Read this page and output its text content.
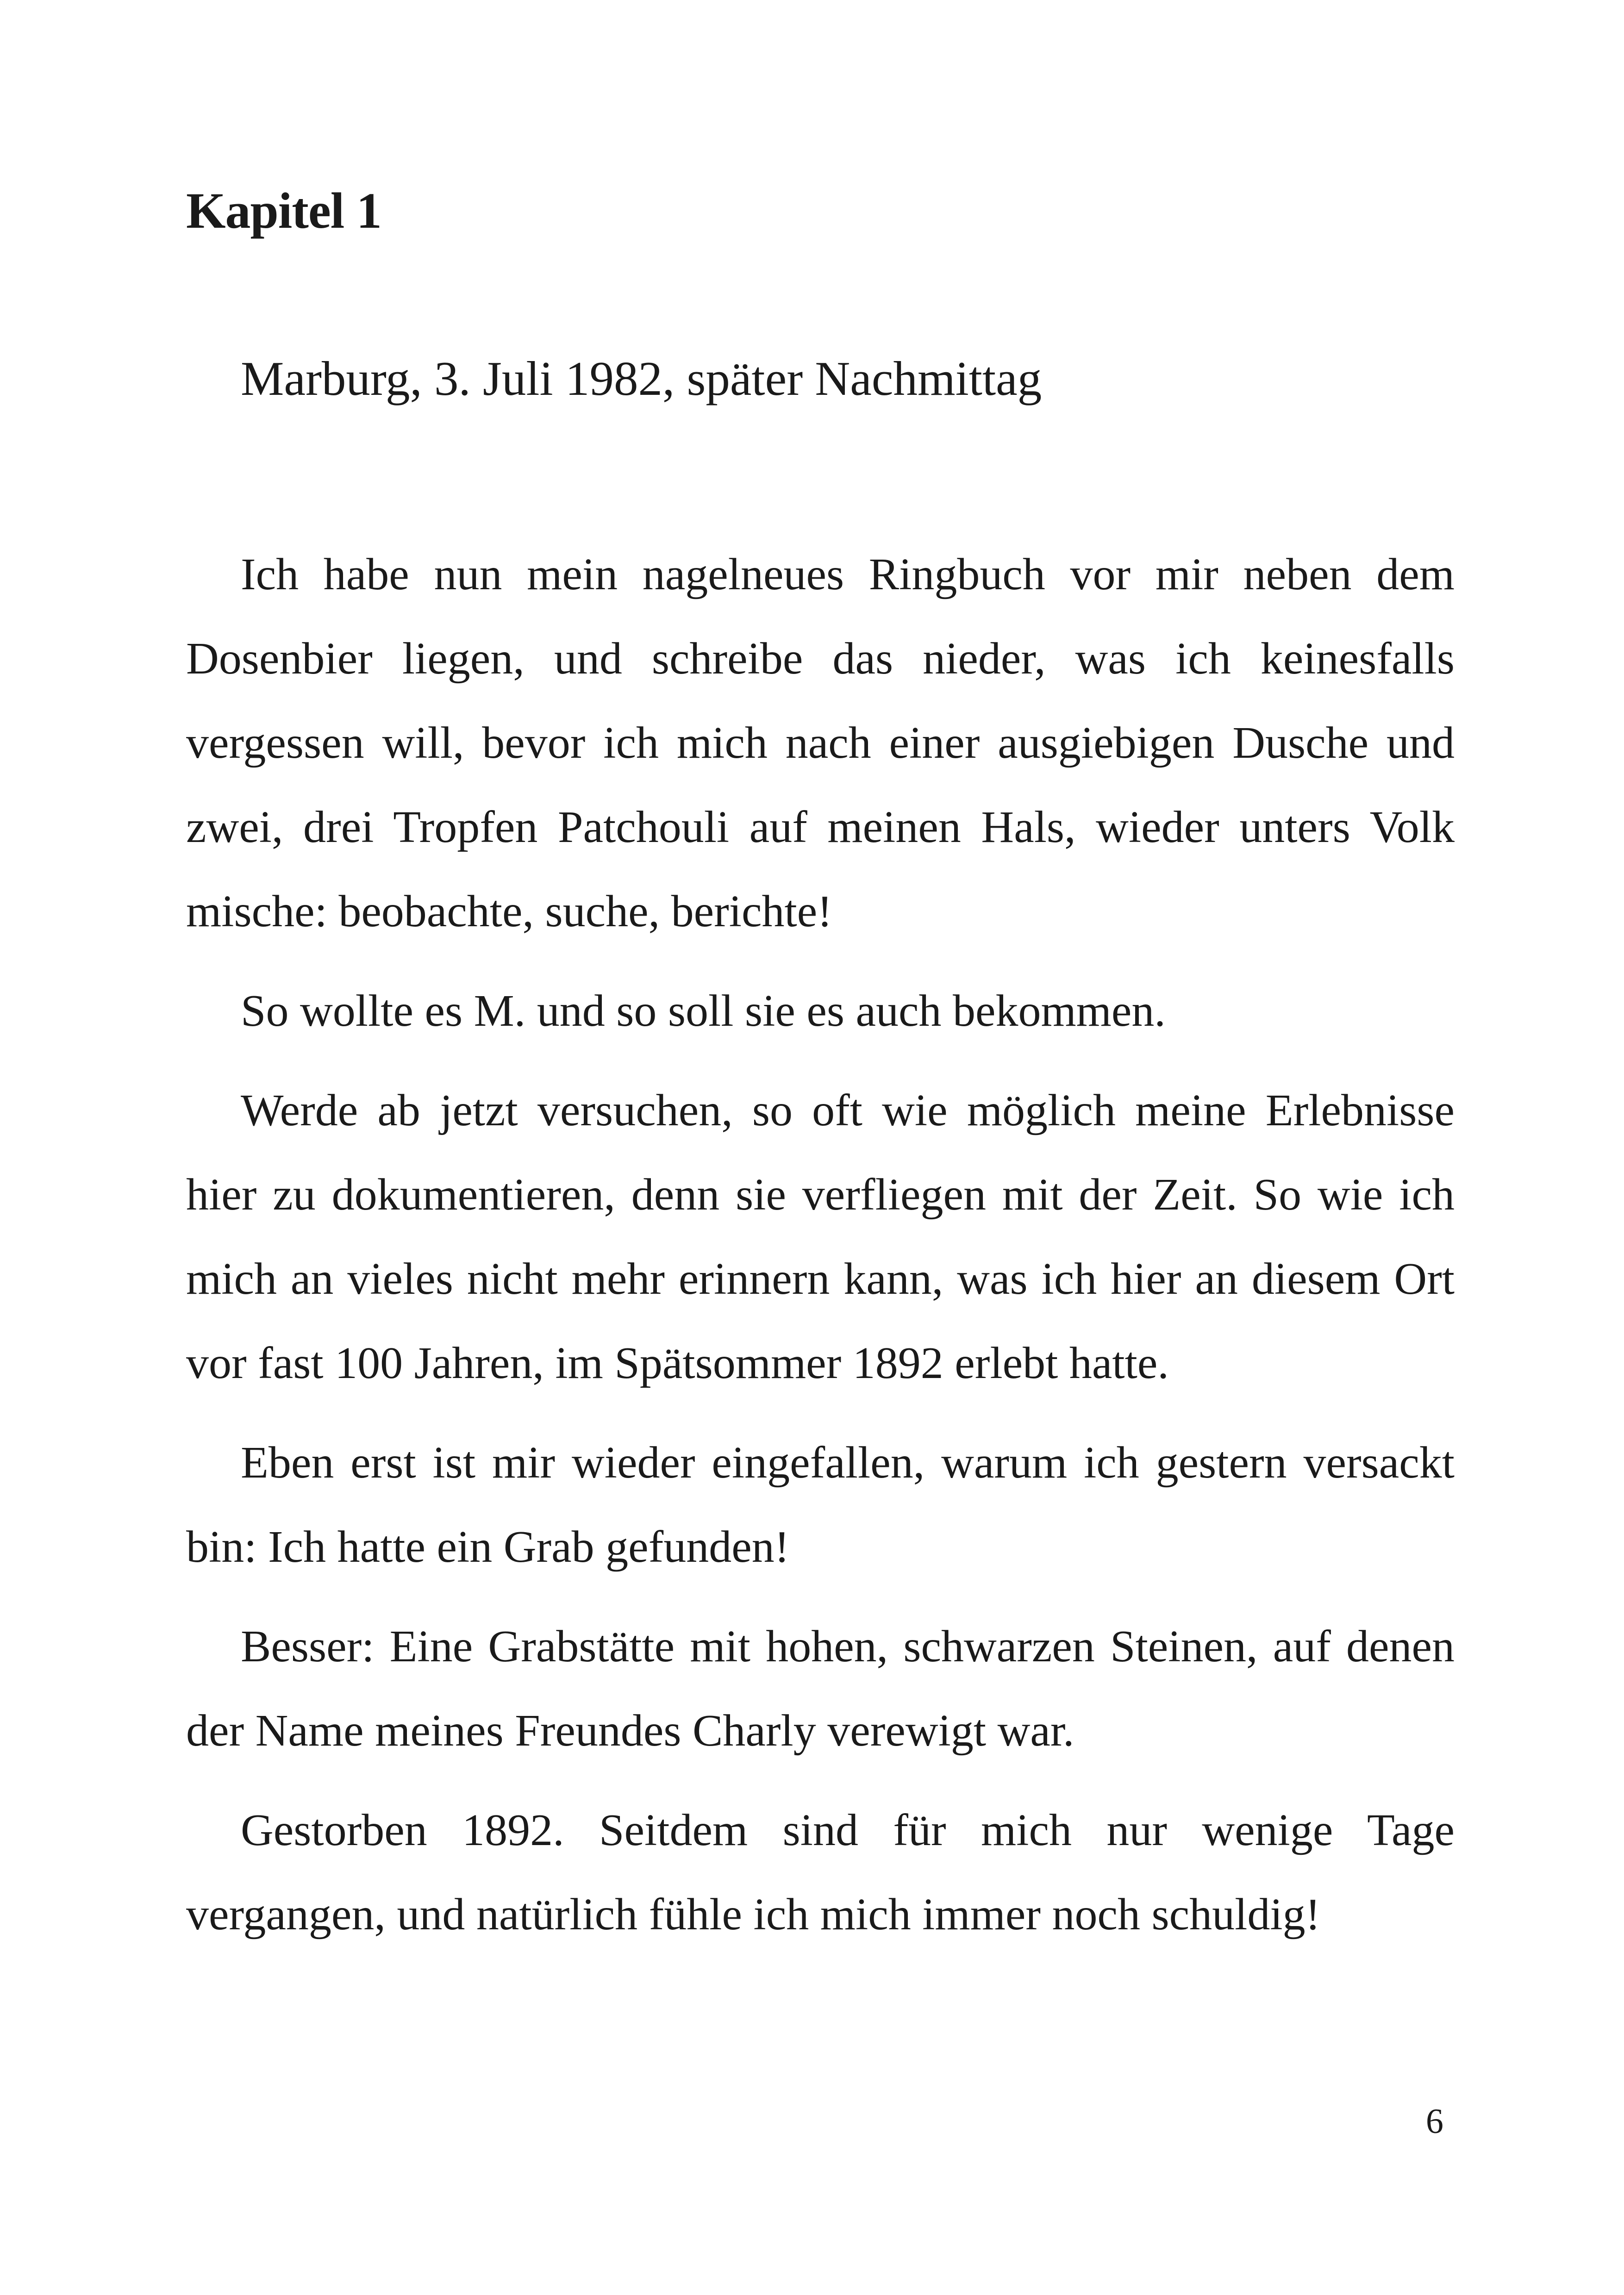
Kapitel 1
Marburg, 3. Juli 1982, später Nachmittag

Ich habe nun mein nagelneues Ringbuch vor mir neben dem Dosenbier liegen, und schreibe das nieder, was ich keinesfalls vergessen will, bevor ich mich nach einer ausgiebigen Dusche und zwei, drei Tropfen Patchouli auf meinen Hals, wieder unters Volk mische: beobachte, suche, berichte!

So wollte es M. und so soll sie es auch bekommen.

Werde ab jetzt versuchen, so oft wie möglich meine Erlebnisse hier zu dokumentieren, denn sie verfliegen mit der Zeit. So wie ich mich an vieles nicht mehr erinnern kann, was ich hier an diesem Ort vor fast 100 Jahren, im Spätsommer 1892 erlebt hatte.

Eben erst ist mir wieder eingefallen, warum ich gestern versackt bin: Ich hatte ein Grab gefunden!

Besser: Eine Grabstätte mit hohen, schwarzen Steinen, auf denen der Name meines Freundes Charly verewigt war.

Gestorben 1892. Seitdem sind für mich nur wenige Tage vergangen, und natürlich fühle ich mich immer noch schuldig!

6
